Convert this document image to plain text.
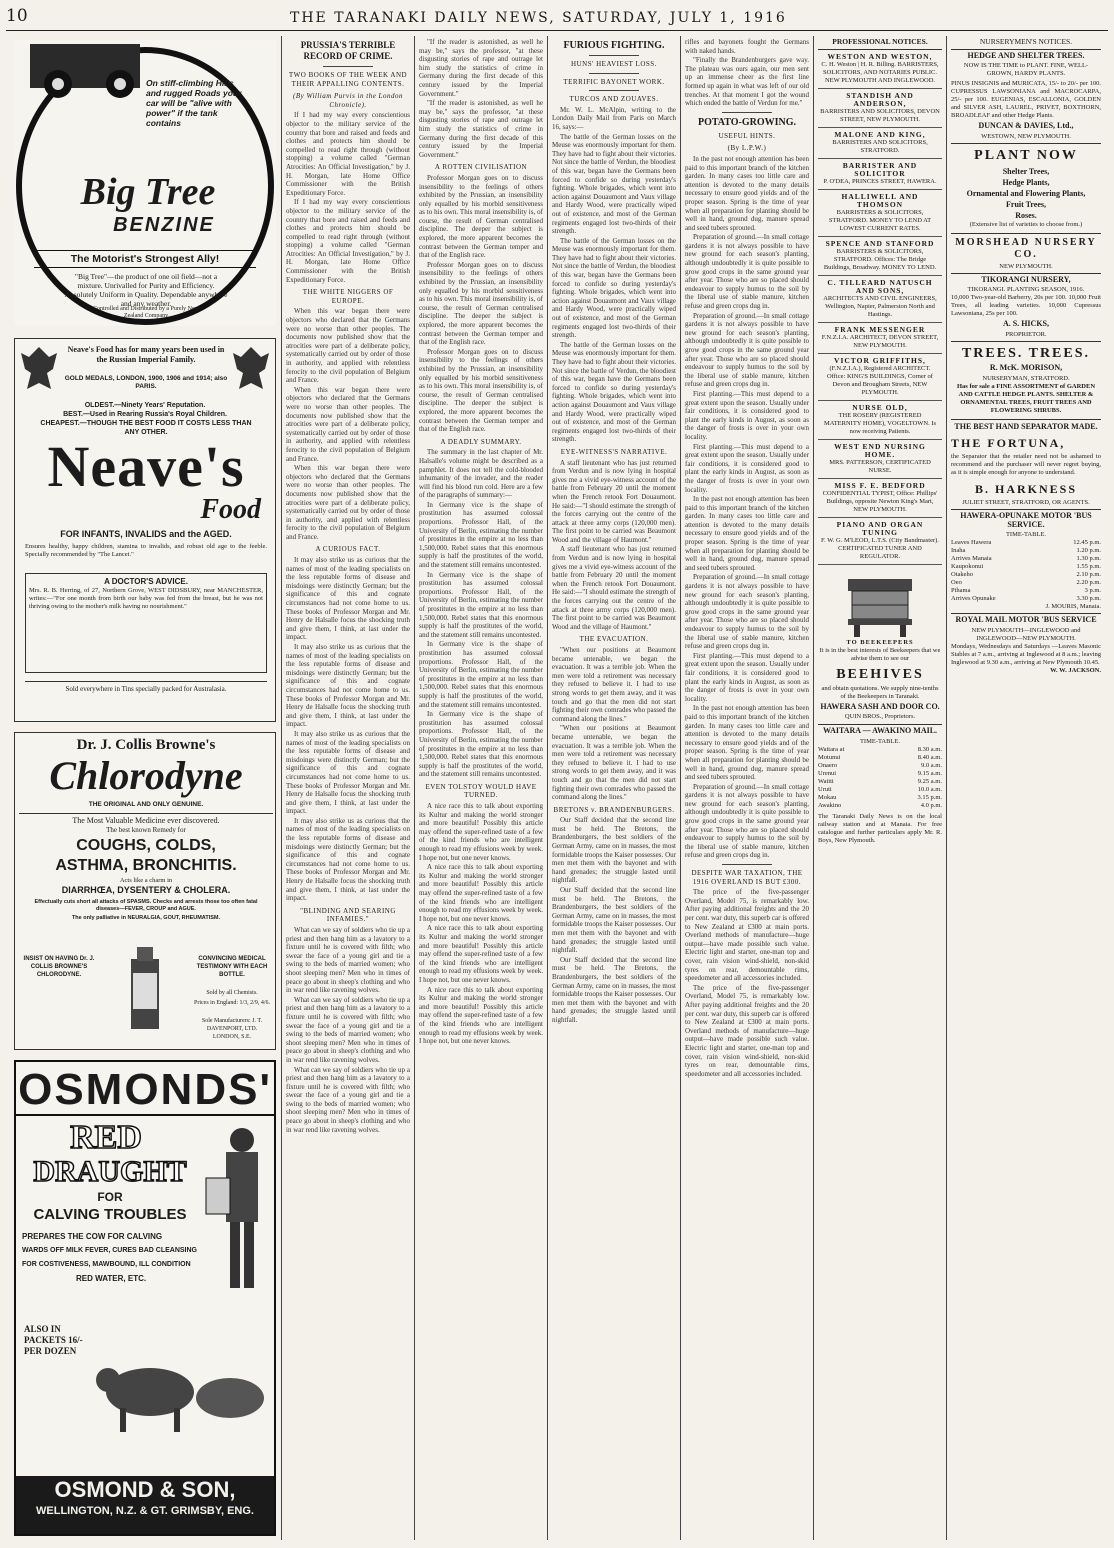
10	THE TARANAKI DAILY NEWS, SATURDAY, JULY 1, 1916
On stiff-climbing Hills and rugged Roads your car will be "alive with power" if the tank contains
Big Tree
BENZINE
The Motorist's Strongest Ally!
"Big Tree"—the product of one oil field—not a mixture. Unrivalled for Purity and Efficiency. Absolutely Uniform in Quality. Dependable anywhere and any weather.
Controlled and Distributed by a Purely New Zealand Company
Neave's Food has for many years been used in the Russian Imperial Family.
GOLD MEDALS, LONDON, 1900, 1906 and 1914; also PARIS.
OLDEST.—Ninety Years' Reputation.
BEST.—Used in Rearing Russia's Royal Children.
CHEAPEST.—THOUGH THE BEST FOOD IT COSTS LESS THAN ANY OTHER.
Neave's
Food
FOR INFANTS, INVALIDS and the AGED.
Ensures healthy, happy children, stamina to invalids, and robust old age to the feeble. Specially recommended by "The Lancet."
A DOCTOR'S ADVICE.
Mrs. R. B. Herring, of 27, Northern Grove, WEST DIDSBURY, near MANCHESTER, writes:—"For one month from birth our baby was fed from the breast, but he was not thriving owing to the mother's milk having no nourishment."
Sold everywhere in Tins specially packed for Australasia.
Dr. J. Collis Browne's
Chlorodyne
THE ORIGINAL AND ONLY GENUINE.
The Most Valuable Medicine ever discovered.
The best known Remedy for
COUGHS, COLDS,
ASTHMA, BRONCHITIS.
Acts like a charm in
DIARRHŒA, DYSENTERY & CHOLERA.
Effectually cuts short all attacks of SPASMS. Checks and arrests those too often fatal diseases—FEVER, CROUP and AGUE.
The only palliative in NEURALGIA, GOUT, RHEUMATISM.
INSIST ON HAVING Dr. J. COLLIS BROWNE'S CHLORODYNE.
CONVINCING MEDICAL TESTIMONY WITH EACH BOTTLE.
Sold by all Chemists.
Prices in England: 1/3, 2/9, 4/6.
Sole Manufacturers: J. T. DAVENPORT, LTD. LONDON, S.E.
OSMONDS'
RED
DRAUGHT
FOR
CALVING TROUBLES
PREPARES THE COW FOR CALVING
WARDS OFF MILK FEVER, CURES BAD CLEANSING
FOR COSTIVENESS, MAWBOUND, ILL CONDITION
RED WATER, ETC.
ALSO IN PACKETS 16/- PER DOZEN
OSMOND & SON,
WELLINGTON, N.Z. & GT. GRIMSBY, ENG.
PRUSSIA'S TERRIBLE RECORD OF CRIME.
TWO BOOKS OF THE WEEK AND THEIR APPALLING CONTENTS.
(By William Purvis in the London Chronicle).

If I had my way every conscientious objector to the military service of the country that bore and raised and feeds and clothes and protects him should be compelled to read right through (without stopping) a volume called "German Atrocities: An Official Investigation," by J. H. Morgan, late Home Office Commissioner with the British Expeditionary Force.

If I had my way every conscientious objector to the military service of the country that bore and raised and feeds and clothes and protects him should be compelled to read right through (without stopping) a volume called "German Atrocities: An Official Investigation," by J. H. Morgan, late Home Office Commissioner with the British Expeditionary Force.

THE WHITE NIGGERS OF EUROPE.

When this war began there were objectors who declared that the Germans were no worse than other peoples. The documents now published show that the atrocities were part of a deliberate policy, systematically carried out by order of those in authority, and applied with relentless ferocity to the civil population of Belgium and France.

When this war began there were objectors who declared that the Germans were no worse than other peoples. The documents now published show that the atrocities were part of a deliberate policy, systematically carried out by order of those in authority, and applied with relentless ferocity to the civil population of Belgium and France.

When this war began there were objectors who declared that the Germans were no worse than other peoples. The documents now published show that the atrocities were part of a deliberate policy, systematically carried out by order of those in authority, and applied with relentless ferocity to the civil population of Belgium and France.

A CURIOUS FACT.

It may also strike us as curious that the names of most of the leading specialists on the less reputable forms of disease and misdoings were distinctly German; but the significance of this and cognate circumstances had not come home to us. These books of Professor Morgan and Mr. Henry de Halsalle focus the shocking truth and give them, I think, at last under the impact.

It may also strike us as curious that the names of most of the leading specialists on the less reputable forms of disease and misdoings were distinctly German; but the significance of this and cognate circumstances had not come home to us. These books of Professor Morgan and Mr. Henry de Halsalle focus the shocking truth and give them, I think, at last under the impact.

It may also strike us as curious that the names of most of the leading specialists on the less reputable forms of disease and misdoings were distinctly German; but the significance of this and cognate circumstances had not come home to us. These books of Professor Morgan and Mr. Henry de Halsalle focus the shocking truth and give them, I think, at last under the impact.

It may also strike us as curious that the names of most of the leading specialists on the less reputable forms of disease and misdoings were distinctly German; but the significance of this and cognate circumstances had not come home to us. These books of Professor Morgan and Mr. Henry de Halsalle focus the shocking truth and give them, I think, at last under the impact.

"BLINDING AND SEARING INFAMIES."

What can we say of soldiers who tie up a priest and then hang him as a lavatory to a fixture until he is covered with filth; who swear the face of a young girl and tie a swing to the beds of married women; who shoot sleeping men? Men who in times of peace go about in sheep's clothing and who in war rend like ravening wolves.

What can we say of soldiers who tie up a priest and then hang him as a lavatory to a fixture until he is covered with filth; who swear the face of a young girl and tie a swing to the beds of married women; who shoot sleeping men? Men who in times of peace go about in sheep's clothing and who in war rend like ravening wolves.

What can we say of soldiers who tie up a priest and then hang him as a lavatory to a fixture until he is covered with filth; who swear the face of a young girl and tie a swing to the beds of married women; who shoot sleeping men? Men who in times of peace go about in sheep's clothing and who in war rend like ravening wolves.

"If the reader is astonished, as well he may be," says the professor, "at these disgusting stories of rape and outrage let him study the statistics of crime in Germany during the first decade of this century issued by the Imperial Government."

"If the reader is astonished, as well he may be," says the professor, "at these disgusting stories of rape and outrage let him study the statistics of crime in Germany during the first decade of this century issued by the Imperial Government."

A ROTTEN CIVILISATION

Professor Morgan goes on to discuss insensibility to the feelings of others exhibited by the Prussian, an insensibility only equalled by his morbid sensitiveness as to his own. This moral insensibility is, of course, the result of German centralised discipline. The deeper the subject is explored, the more apparent becomes the contrast between the German temper and that of the English race.

Professor Morgan goes on to discuss insensibility to the feelings of others exhibited by the Prussian, an insensibility only equalled by his morbid sensitiveness as to his own. This moral insensibility is, of course, the result of German centralised discipline. The deeper the subject is explored, the more apparent becomes the contrast between the German temper and that of the English race.

Professor Morgan goes on to discuss insensibility to the feelings of others exhibited by the Prussian, an insensibility only equalled by his morbid sensitiveness as to his own. This moral insensibility is, of course, the result of German centralised discipline. The deeper the subject is explored, the more apparent becomes the contrast between the German temper and that of the English race.

A DEADLY SUMMARY.

The summary in the last chapter of Mr. Halsalle's volume might be described as a pamphlet. It does not tell the cold-blooded inhumanity of the invader, and the reader will find his blood run cold. Here are a few of the paragraphs of summary:—

In Germany vice is the shape of prostitution has assumed colossal proportions. Professor Hall, of the University of Berlin, estimating the number of prostitutes in the empire at no less than 1,500,000. Rebel states that this enormous supply is half the prostitutes of the world, and the statement still remains uncontested.

In Germany vice is the shape of prostitution has assumed colossal proportions. Professor Hall, of the University of Berlin, estimating the number of prostitutes in the empire at no less than 1,500,000. Rebel states that this enormous supply is half the prostitutes of the world, and the statement still remains uncontested.

In Germany vice is the shape of prostitution has assumed colossal proportions. Professor Hall, of the University of Berlin, estimating the number of prostitutes in the empire at no less than 1,500,000. Rebel states that this enormous supply is half the prostitutes of the world, and the statement still remains uncontested.

In Germany vice is the shape of prostitution has assumed colossal proportions. Professor Hall, of the University of Berlin, estimating the number of prostitutes in the empire at no less than 1,500,000. Rebel states that this enormous supply is half the prostitutes of the world, and the statement still remains uncontested.

EVEN TOLSTOY WOULD HAVE TURNED.

A nice race this to talk about exporting its Kultur and making the world stronger and more beautiful! Possibly this article may offend the super-refined taste of a few of the kind friends who are intelligent enough to read my effusions week by week. I hope not, but one never knows.

A nice race this to talk about exporting its Kultur and making the world stronger and more beautiful! Possibly this article may offend the super-refined taste of a few of the kind friends who are intelligent enough to read my effusions week by week. I hope not, but one never knows.

A nice race this to talk about exporting its Kultur and making the world stronger and more beautiful! Possibly this article may offend the super-refined taste of a few of the kind friends who are intelligent enough to read my effusions week by week. I hope not, but one never knows.

A nice race this to talk about exporting its Kultur and making the world stronger and more beautiful! Possibly this article may offend the super-refined taste of a few of the kind friends who are intelligent enough to read my effusions week by week. I hope not, but one never knows.

FURIOUS FIGHTING.
HUNS' HEAVIEST LOSS.
TERRIFIC BAYONET WORK.
TURCOS AND ZOUAVES.

Mr. W. L. McAlpin, writing to the London Daily Mail from Paris on March 16, says:—

The battle of the German losses on the Meuse was enormously important for them. They have had to fight about their victories. Not since the battle of Verdun, the bloodiest of this war, began have the Germans been forced to confide so during yesterday's fighting. Whole brigades, which went into action against Douaumont and Vaux village and Hardy Wood, were practically wiped out of existence, and most of the German regiments engaged lost two-thirds of their strength.

The battle of the German losses on the Meuse was enormously important for them. They have had to fight about their victories. Not since the battle of Verdun, the bloodiest of this war, began have the Germans been forced to confide so during yesterday's fighting. Whole brigades, which went into action against Douaumont and Vaux village and Hardy Wood, were practically wiped out of existence, and most of the German regiments engaged lost two-thirds of their strength.

The battle of the German losses on the Meuse was enormously important for them. They have had to fight about their victories. Not since the battle of Verdun, the bloodiest of this war, began have the Germans been forced to confide so during yesterday's fighting. Whole brigades, which went into action against Douaumont and Vaux village and Hardy Wood, were practically wiped out of existence, and most of the German regiments engaged lost two-thirds of their strength.

EYE-WITNESS'S NARRATIVE.

A staff lieutenant who has just returned from Verdun and is now lying in hospital gives me a vivid eye-witness account of the battle from February 20 until the moment when the French retook Fort Douaumont. He said:—"I should estimate the strength of the forces carrying out the centre of the attack at three army corps (120,000 men). The first point to be carried was Beaumont Wood and the village of Haumont."

A staff lieutenant who has just returned from Verdun and is now lying in hospital gives me a vivid eye-witness account of the battle from February 20 until the moment when the French retook Fort Douaumont. He said:—"I should estimate the strength of the forces carrying out the centre of the attack at three army corps (120,000 men). The first point to be carried was Beaumont Wood and the village of Haumont."

THE EVACUATION.

"When our positions at Beaumont became untenable, we began the evacuation. It was a terrible job. When the men were told a retirement was necessary they refused to believe it. I had to use strong words to get them away, and it was touch and go that the men did not start fighting their own comrades who passed the command along the lines."

"When our positions at Beaumont became untenable, we began the evacuation. It was a terrible job. When the men were told a retirement was necessary they refused to believe it. I had to use strong words to get them away, and it was touch and go that the men did not start fighting their own comrades who passed the command along the lines."

BRETONS v. BRANDENBURGERS.

Our Staff decided that the second line must be held. The Bretons, the Brandenburgers, the best soldiers of the German Army, came on in masses, the most formidable troops the Kaiser possesses. Our men met them with the bayonet and with hand grenades; the struggle lasted until nightfall.

Our Staff decided that the second line must be held. The Bretons, the Brandenburgers, the best soldiers of the German Army, came on in masses, the most formidable troops the Kaiser possesses. Our men met them with the bayonet and with hand grenades; the struggle lasted until nightfall.

Our Staff decided that the second line must be held. The Bretons, the Brandenburgers, the best soldiers of the German Army, came on in masses, the most formidable troops the Kaiser possesses. Our men met them with the bayonet and with hand grenades; the struggle lasted until nightfall.

rifles and bayonets fought the Germans with naked hands.

"Finally the Brandenburgers gave way. The plateau was ours again, our men sent up an immense cheer as the first line formed up again in what was left of our old trenches. At that moment I got the wound which ended the battle of Verdun for me."

POTATO-GROWING.
USEFUL HINTS.
(By L.P.W.)

In the past not enough attention has been paid to this important branch of the kitchen garden. In many cases too little care and attention is devoted to the many details necessary to ensure good yields and of the proper season. Spring is the time of year when all preparation for planting should be well in hand, ground dug, manure spread and seed tubers sprouted.

Preparation of ground.—In small cottage gardens it is not always possible to have new ground for each season's planting, although undoubtedly it is quite possible to grow good crops in the same ground year after year. Those who are so placed should endeavour to supply humus to the soil by the liberal use of stable manure, kitchen refuse and green crops dug in.

Preparation of ground.—In small cottage gardens it is not always possible to have new ground for each season's planting, although undoubtedly it is quite possible to grow good crops in the same ground year after year. Those who are so placed should endeavour to supply humus to the soil by the liberal use of stable manure, kitchen refuse and green crops dug in.

First planting.—This must depend to a great extent upon the season. Usually under fair conditions, it is considered good to plant the early kinds in August, as soon as the danger of frosts is over in your own locality.

First planting.—This must depend to a great extent upon the season. Usually under fair conditions, it is considered good to plant the early kinds in August, as soon as the danger of frosts is over in your own locality.

In the past not enough attention has been paid to this important branch of the kitchen garden. In many cases too little care and attention is devoted to the many details necessary to ensure good yields and of the proper season. Spring is the time of year when all preparation for planting should be well in hand, ground dug, manure spread and seed tubers sprouted.

Preparation of ground.—In small cottage gardens it is not always possible to have new ground for each season's planting, although undoubtedly it is quite possible to grow good crops in the same ground year after year. Those who are so placed should endeavour to supply humus to the soil by the liberal use of stable manure, kitchen refuse and green crops dug in.

First planting.—This must depend to a great extent upon the season. Usually under fair conditions, it is considered good to plant the early kinds in August, as soon as the danger of frosts is over in your own locality.

In the past not enough attention has been paid to this important branch of the kitchen garden. In many cases too little care and attention is devoted to the many details necessary to ensure good yields and of the proper season. Spring is the time of year when all preparation for planting should be well in hand, ground dug, manure spread and seed tubers sprouted.

Preparation of ground.—In small cottage gardens it is not always possible to have new ground for each season's planting, although undoubtedly it is quite possible to grow good crops in the same ground year after year. Those who are so placed should endeavour to supply humus to the soil by the liberal use of stable manure, kitchen refuse and green crops dug in.

DESPITE WAR TAXATION, THE 1916 OVERLAND IS BUT £300.

The price of the five-passenger Overland, Model 75, is remarkably low. After paying additional freights and the 20 per cent. war duty, this superb car is offered to New Zealand at £300 at main ports. Overland methods of manufacture—huge output—have made possible such value. Electric light and starter, one-man top and cover, rain vision wind-shield, non-skid tyres on rear, demountable rims, speedometer and all accessories included.

The price of the five-passenger Overland, Model 75, is remarkably low. After paying additional freights and the 20 per cent. war duty, this superb car is offered to New Zealand at £300 at main ports. Overland methods of manufacture—huge output—have made possible such value. Electric light and starter, one-man top and cover, rain vision wind-shield, non-skid tyres on rear, demountable rims, speedometer and all accessories included.

PROFESSIONAL NOTICES.
WESTON AND WESTON,
C. H. Weston | H. R. Billing. BARRISTERS, SOLICITORS, AND NOTARIES PUBLIC. NEW PLYMOUTH AND INGLEWOOD.
STANDISH AND ANDERSON,
BARRISTERS AND SOLICITORS, DEVON STREET, NEW PLYMOUTH.
MALONE AND KING,
BARRISTERS AND SOLICITORS, STRATFORD.
BARRISTER AND SOLICITOR
P. O'DEA, PRINCES STREET, HAWERA.
HALLIWELL AND THOMSON
BARRISTERS & SOLICITORS, STRATFORD. MONEY TO LEND AT LOWEST CURRENT RATES.
SPENCE AND STANFORD
BARRISTERS & SOLICITORS, STRATFORD. Offices: The Bridge Buildings, Broadway. MONEY TO LEND.
C. TILLEARD NATUSCH AND SONS,
ARCHITECTS AND CIVIL ENGINEERS, Wellington, Napier, Palmerston North and Hastings.
FRANK MESSENGER
F.N.Z.I.A. ARCHITECT, DEVON STREET, NEW PLYMOUTH.
VICTOR GRIFFITHS,
(F.N.Z.I.A.), Registered ARCHITECT. Office: KING'S BUILDINGS, Corner of Devon and Brougham Streets, NEW PLYMOUTH.
NURSE OLD,
THE ROSERY (REGISTERED MATERNITY HOME), VOGELTOWN. Is now receiving Patients.
WEST END NURSING HOME.
MRS. PATTERSON, CERTIFICATED NURSE.
MISS F. E. BEDFORD
CONFIDENTIAL TYPIST, Office: Phillips' Buildings, opposite Newton King's Mart, NEW PLYMOUTH.
PIANO AND ORGAN TUNING
F. W. G. M'LEOD, L.T.S. (City Bandmaster). CERTIFICATED TUNER AND REGULATOR.

TO BEEKEEPERS

It is in the best interests of Beekeepers that we advise them to see our

BEEHIVES

and obtain quotations. We supply nine-tenths of the Beekeepers in Taranaki.

HAWERA SASH AND DOOR CO.

QUIN BROS., Proprietors.

WAITARA — AWAKINO MAIL.

TIME-TABLE.

Waitara at	8.30 a.m.
Motunui	8.40 a.m.
Onaero	9.0 a.m.
Urenui	9.15 a.m.
Waiiti	9.25 a.m.
Uruti	10.0 a.m.
Mokau	3.15 p.m.
Awakino	4.0 p.m.

The Taranaki Daily News is on the local railway station and at Manaia. For free catalogue and further particulars apply Mr. R. Boys, New Plymouth.

NURSERYMEN'S NOTICES.
HEDGE AND SHELTER TREES.

NOW IS THE TIME to PLANT. FINE, WELL-GROWN, HARDY PLANTS.

PINUS INSIGNIS and MURICATA, 15/- to 20/- per 100. CUPRESSUS LAWSONIANA and MACROCARPA, 25/- per 100. EUGENIAS, ESCALLONIA, GOLDEN and SILVER ASH, LAUREL, PRIVET, BOXTHORN, BROADLEAF and other Hedge Plants.

DUNCAN & DAVIES, Ltd.,

WESTOWN, NEW PLYMOUTH.

PLANT NOW
Shelter Trees,
Hedge Plants,
Ornamental and Flowering Plants,
Fruit Trees,
Roses.

(Extensive list of varieties to choose from.)

MORSHEAD NURSERY CO.

NEW PLYMOUTH.

TIKORANGI NURSERY,

TIKORANGI. PLANTING SEASON, 1916.

10,000 Two-year-old Barberry, 20s per 100. 10,000 Fruit Trees, all leading varieties. 10,000 Cupressus Lawsoniana, 25s per 100.

A. S. HICKS,

PROPRIETOR.

TREES. TREES.
R. McK. MORISON,

NURSERYMAN, STRATFORD.

Has for sale a FINE ASSORTMENT of GARDEN AND CATTLE HEDGE PLANTS. SHELTER & ORNAMENTAL TREES, FRUIT TREES AND FLOWERING SHRUBS.

THE BEST HAND SEPARATOR MADE.
THE FORTUNA,

the Separator that the retailer need not be ashamed to recommend and the purchaser will never regret buying, as it is simple enough for anyone to understand.

B. HARKNESS

JULIET STREET, STRATFORD, OR AGENTS.

HAWERA-OPUNAKE MOTOR 'BUS SERVICE.

TIME-TABLE.

Leaves Hawera	12.45 p.m.
Inaha	1.20 p.m.
Arrives Manaia	1.30 p.m.
Kaupokonui	1.55 p.m.
Otakeho	2.10 p.m.
Oeo	2.20 p.m.
Pihama	3 p.m.
Arrives Opunake	3.30 p.m.

J. MOURIS, Manaia.

ROYAL MAIL MOTOR 'BUS SERVICE

NEW PLYMOUTH—INGLEWOOD and INGLEWOOD—NEW PLYMOUTH.

Mondays, Wednesdays and Saturdays —Leaves Masonic Stables at 7 a.m., arriving at Inglewood at 8 a.m.; leaving Inglewood at 9.30 a.m., arriving at New Plymouth 10.45.

W. W. JACKSON.
